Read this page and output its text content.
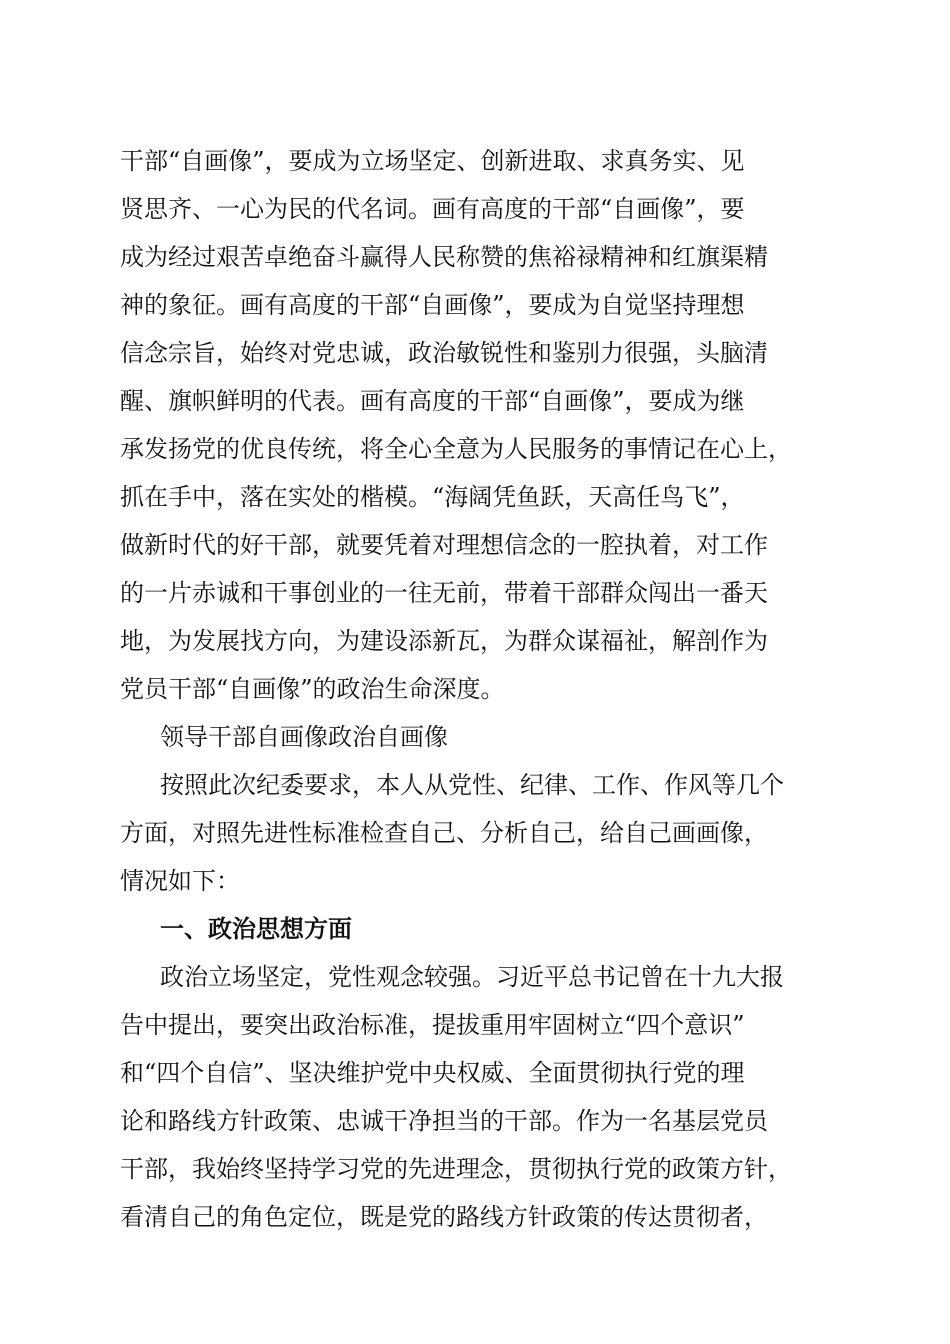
干部“自画像”，要成为立场坚定、创新进取、求真务实、见
贤思齐、一心为民的代名词。画有高度的干部“自画像”，要
成为经过艰苦卓绝奋斗赢得人民称赞的焦裕禄精神和红旗渠精
神的象征。画有高度的干部“自画像”，要成为自觉坚持理想
信念宗旨，始终对党忠诚，政治敏锐性和鉴别力很强，头脑清
醒、旗帜鲜明的代表。画有高度的干部“自画像”，要成为继
承发扬党的优良传统，将全心全意为人民服务的事情记在心上，
抓在手中，落在实处的楷模。“海阔凭鱼跃，天高任鸟飞”，
做新时代的好干部，就要凭着对理想信念的一腔执着，对工作
的一片赤诚和干事创业的一往无前，带着干部群众闯出一番天
地，为发展找方向，为建设添新瓦，为群众谋福祉，解剖作为
党员干部“自画像”的政治生命深度。
领导干部自画像政治自画像
按照此次纪委要求，本人从党性、纪律、工作、作风等几个
方面，对照先进性标准检查自己、分析自己，给自己画画像，
情况如下：
一、政治思想方面
政治立场坚定，党性观念较强。习近平总书记曾在十九大报
告中提出，要突出政治标准，提拔重用牢固树立“四个意识”
和“四个自信”、坚决维护党中央权威、全面贯彻执行党的理
论和路线方针政策、忠诚干净担当的干部。作为一名基层党员
干部，我始终坚持学习党的先进理念，贯彻执行党的政策方针，
看清自己的角色定位，既是党的路线方针政策的传达贯彻者，
